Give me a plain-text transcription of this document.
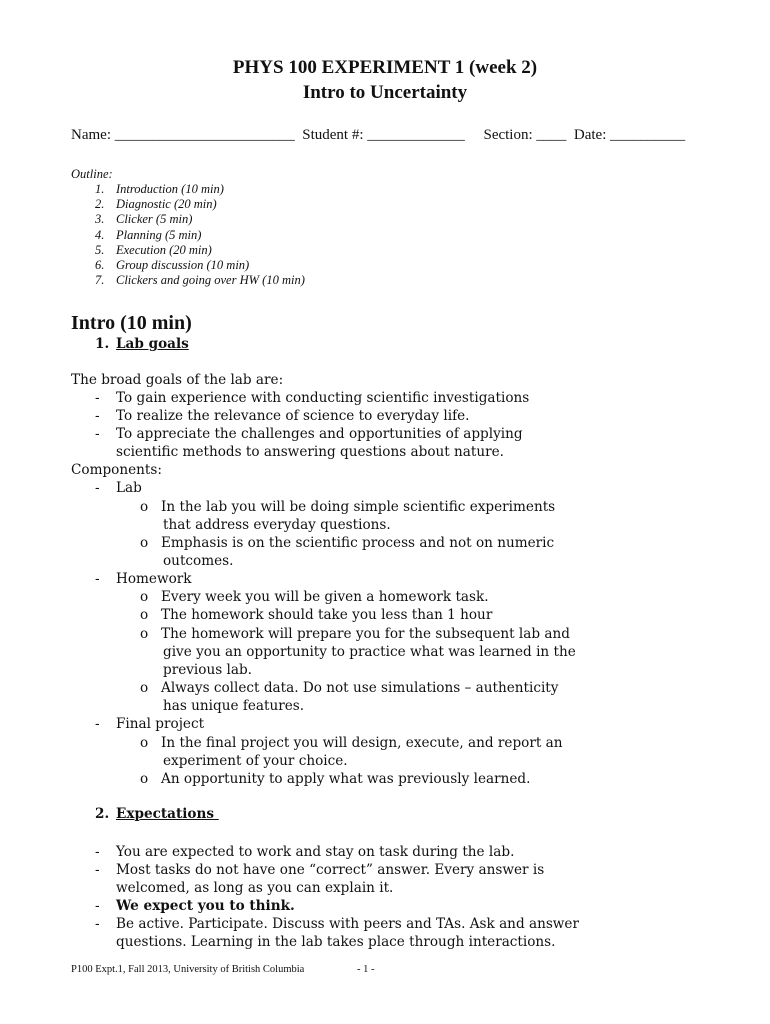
PHYS 100 EXPERIMENT 1 (week 2)
Intro to Uncertainty
Name: ________________________  Student #: _____________     Section: ____  Date: __________
Outline:
1. Introduction (10 min)
2. Diagnostic (20 min)
3. Clicker (5 min)
4. Planning (5 min)
5. Execution (20 min)
6. Group discussion (10 min)
7. Clickers and going over HW (10 min)
Intro (10 min)
1. Lab goals
The broad goals of the lab are:
- To gain experience with conducting scientific investigations
- To realize the relevance of science to everyday life.
- To appreciate the challenges and opportunities of applying
scientific methods to answering questions about nature.
Components:
- Lab
o In the lab you will be doing simple scientific experiments
that address everyday questions.
o Emphasis is on the scientific process and not on numeric
outcomes.
- Homework
o Every week you will be given a homework task.
o The homework should take you less than 1 hour
o The homework will prepare you for the subsequent lab and
give you an opportunity to practice what was learned in the
previous lab.
o Always collect data. Do not use simulations – authenticity
has unique features.
- Final project
o In the final project you will design, execute, and report an
experiment of your choice.
o An opportunity to apply what was previously learned.
2. Expectations
- You are expected to work and stay on task during the lab.
- Most tasks do not have one “correct” answer. Every answer is
welcomed, as long as you can explain it.
- We expect you to think.
- Be active. Participate. Discuss with peers and TAs. Ask and answer
questions. Learning in the lab takes place through interactions.
P100 Expt.1, Fall 2013, University of British Columbia	- 1 -
